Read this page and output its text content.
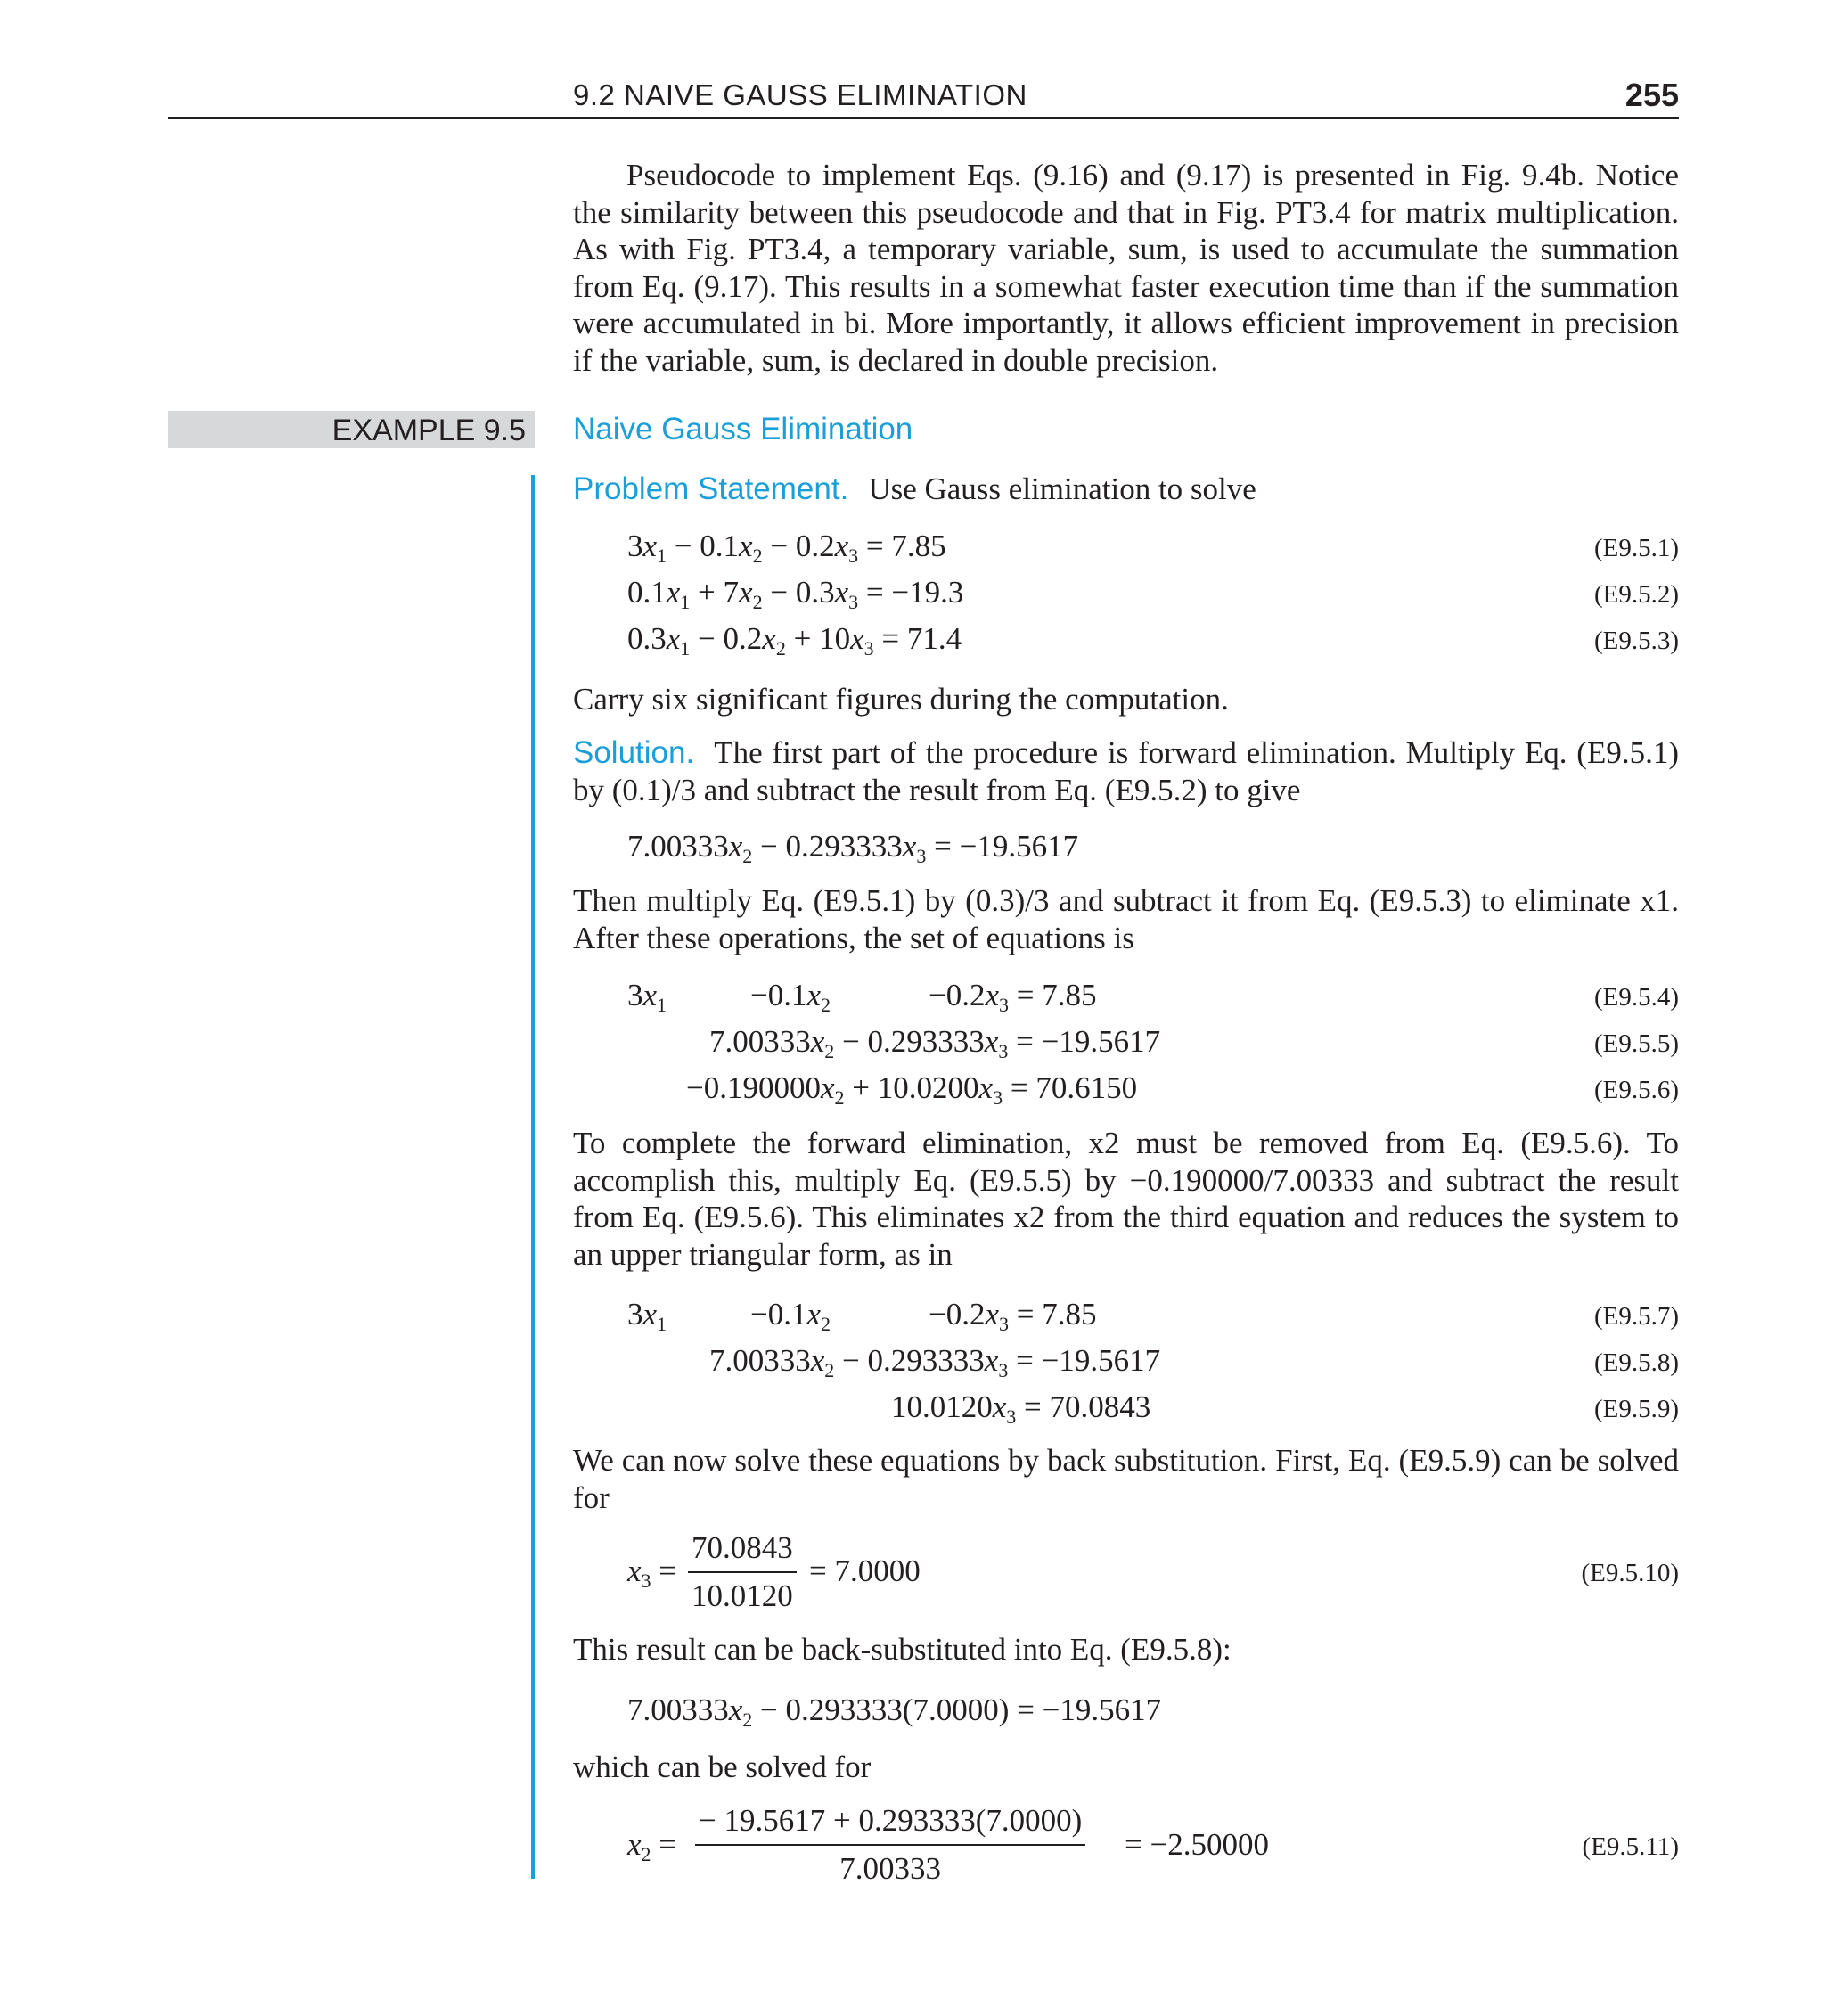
9.2 NAIVE GAUSS ELIMINATION	255

Pseudocode to implement Eqs. (9.16) and (9.17) is presented in Fig. 9.4b. Notice the similarity between this pseudocode and that in Fig. PT3.4 for matrix multiplication. As with Fig. PT3.4, a temporary variable, sum, is used to accumulate the summation from Eq. (9.17). This results in a somewhat faster execution time than if the summation were accumulated in bi. More importantly, it allows efficient improvement in precision if the variable, sum, is declared in double precision.

EXAMPLE 9.5 Naive Gauss Elimination

Problem Statement. Use Gauss elimination to solve

$3x_1 - 0.1x_2 - 0.2x_3 = 7.85$	(E9.5.1)
$0.1x_1 + 7x_2 - 0.3x_3 = -19.3$	(E9.5.2)
$0.3x_1 - 0.2x_2 + 10x_3 = 71.4$	(E9.5.3)

Carry six significant figures during the computation.

Solution. The first part of the procedure is forward elimination. Multiply Eq. (E9.5.1) by (0.1)/3 and subtract the result from Eq. (E9.5.2) to give

$7.00333x_2 - 0.293333x_3 = -19.5617$

Then multiply Eq. (E9.5.1) by (0.3)/3 and subtract it from Eq. (E9.5.3) to eliminate x1. After these operations, the set of equations is

$3x_1$	$-0.1x_2$	$-0.2x_3 = 7.85$	(E9.5.4)
$7.00333x_2 - 0.293333x_3 = -19.5617$	(E9.5.5)
$-0.190000x_2 + 10.0200x_3 = 70.6150$	(E9.5.6)

To complete the forward elimination, x2 must be removed from Eq. (E9.5.6). To accomplish this, multiply Eq. (E9.5.5) by −0.190000/7.00333 and subtract the result from Eq. (E9.5.6). This eliminates x2 from the third equation and reduces the system to an upper triangular form, as in

$3x_1$	$-0.1x_2$	$-0.2x_3 = 7.85$	(E9.5.7)
$7.00333x_2 - 0.293333x_3 = -19.5617$	(E9.5.8)
$10.0120x_3 = 70.0843$	(E9.5.9)

We can now solve these equations by back substitution. First, Eq. (E9.5.9) can be solved for

$x_3 = \frac{70.0843}{10.0120} = 7.0000$	(E9.5.10)

This result can be back-substituted into Eq. (E9.5.8):

$7.00333x_2 - 0.293333(7.0000) = -19.5617$

which can be solved for

$x_2 = \frac{- 19.5617 + 0.293333(7.0000)}{7.00333} = -2.50000$	(E9.5.11)
